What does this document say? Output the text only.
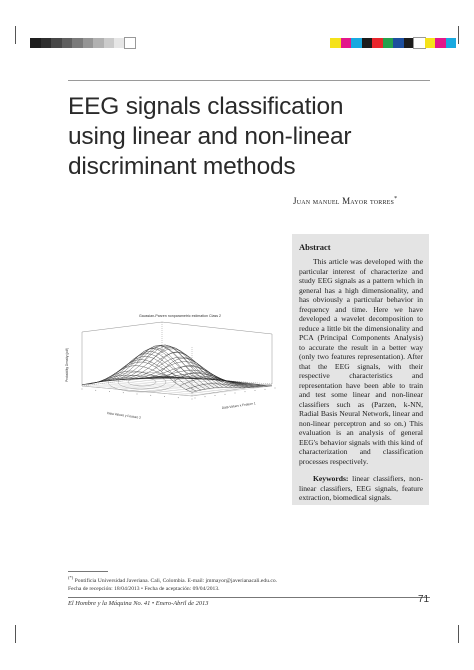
EEG signals classification
using linear and non-linear
discriminant methods
Juan manuel Mayor torres*
Gaussian-Parzen nonparametric estimation Class 2
Probability Density (pdf)
Data Values y Feature 2
Data Values x Feature 1
Abstract

This article was developed with the particular interest of characterize and study EEG signals as a pattern which in general has a high dimensionality, and has obviously a particular behavior in frequency and time. Here we have developed a wavelet decomposition to reduce a little bit the dimensionality and PCA (Principal Components Analysis) to accurate the result in a better way (only two features representation). After that the EEG signals, with their respective characteristics and representation have been able to train and test some linear and non-linear classifiers such as (Parzen, k-NN, Radial Basis Neural Network, linear and non-linear perceptron and so on.) This evaluation is an analysis of general EEG's behavior signals with this kind of characterization and classification processes respectively.

Keywords: linear classifiers, non-linear classifiers, EEG signals, feature extraction, biomedical signals.

(*) Pontificia Universidad Javeriana. Cali, Colombia. E-mail: jmmayor@javerianacali.edu.co.
Fecha de recepción: 18/04/2013 • Fecha de aceptación: 09/04/2013.
El Hombre y la Máquina No. 41 • Enero-Abril de 2013	71
